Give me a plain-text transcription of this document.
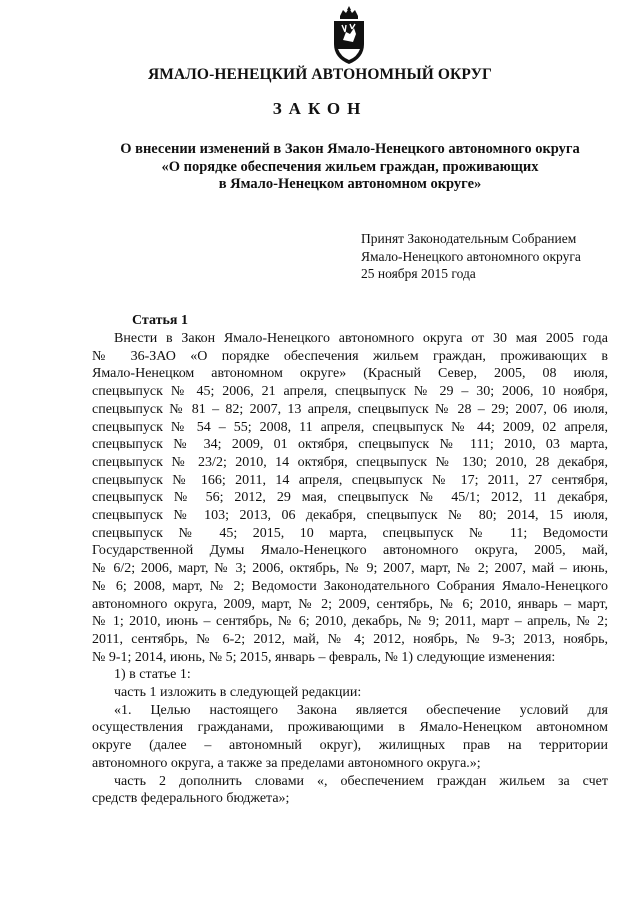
ЯМАЛО-НЕНЕЦКИЙ АВТОНОМНЫЙ ОКРУГ
ЗАКОН
О внесении изменений в Закон Ямало-Ненецкого автономного округа
«О порядке обеспечения жильем граждан, проживающих
в Ямало-Ненецком автономном округе»
Принят Законодательным Собранием
Ямало-Ненецкого автономного округа
25 ноября 2015 года
Статья 1

Внести в Закон Ямало-Ненецкого автономного округа от 30 мая 2005 года

№ 36-ЗАО «О порядке обеспечения жильем граждан, проживающих в

Ямало-Ненецком автономном округе» (Красный Север, 2005, 08 июля,

спецвыпуск № 45; 2006, 21 апреля, спецвыпуск № 29 – 30; 2006, 10 ноября,

спецвыпуск № 81 – 82; 2007, 13 апреля, спецвыпуск № 28 – 29; 2007, 06 июля,

спецвыпуск № 54 – 55; 2008, 11 апреля, спецвыпуск № 44; 2009, 02 апреля,

спецвыпуск № 34; 2009, 01 октября, спецвыпуск № 111; 2010, 03 марта,

спецвыпуск № 23/2; 2010, 14 октября, спецвыпуск № 130; 2010, 28 декабря,

спецвыпуск № 166; 2011, 14 апреля, спецвыпуск № 17; 2011, 27 сентября,

спецвыпуск № 56; 2012, 29 мая, спецвыпуск № 45/1; 2012, 11 декабря,

спецвыпуск № 103; 2013, 06 декабря, спецвыпуск № 80; 2014, 15 июля,

спецвыпуск № 45; 2015, 10 марта, спецвыпуск № 11; Ведомости

Государственной Думы Ямало-Ненецкого автономного округа, 2005, май,

№ 6/2; 2006, март, № 3; 2006, октябрь, № 9; 2007, март, № 2; 2007, май – июнь,

№ 6; 2008, март, № 2; Ведомости Законодательного Собрания Ямало-Ненецкого

автономного округа, 2009, март, № 2; 2009, сентябрь, № 6; 2010, январь – март,

№ 1; 2010, июнь – сентябрь, № 6; 2010, декабрь, № 9; 2011, март – апрель, № 2;

2011, сентябрь, № 6-2; 2012, май, № 4; 2012, ноябрь, № 9-3; 2013, ноябрь,

№ 9-1; 2014, июнь, № 5; 2015, январь – февраль, № 1) следующие изменения:

1) в статье 1:

часть 1 изложить в следующей редакции:

«1. Целью настоящего Закона является обеспечение условий для

осуществления гражданами, проживающими в Ямало-Ненецком автономном

округе (далее – автономный округ), жилищных прав на территории

автономного округа, а также за пределами автономного округа.»;

часть 2 дополнить словами «, обеспечением граждан жильем за счет

средств федерального бюджета»;
